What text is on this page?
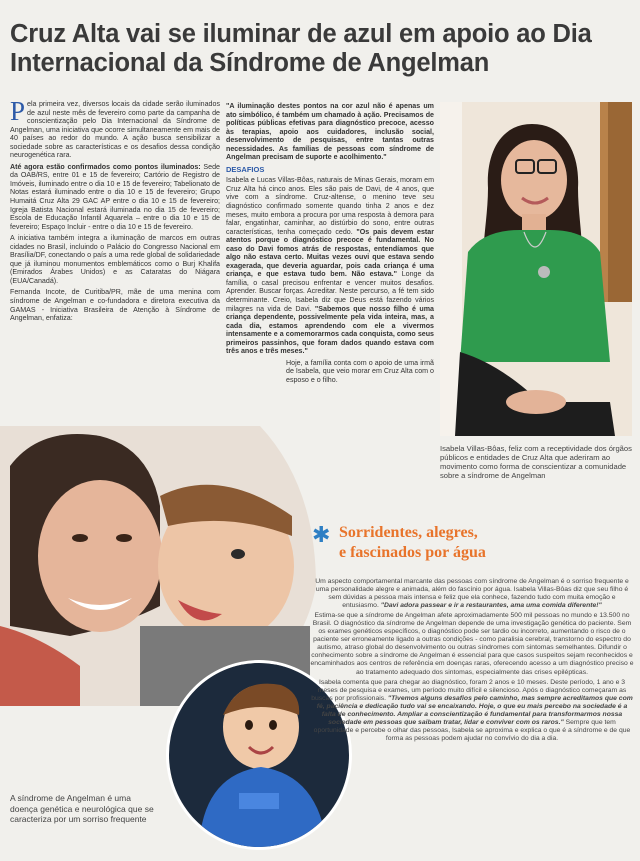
Cruz Alta vai se iluminar de azul em apoio ao Dia Internacional da Síndrome de Angelman

Pela primeira vez, diversos locais da cidade serão iluminados de azul neste mês de fevereiro como parte da campanha de conscientização pelo Dia Internacional da Síndrome de Angelman, uma iniciativa que ocorre simultaneamente em mais de 40 países ao redor do mundo. A ação busca sensibilizar a sociedade sobre as características e os desafios dessa condição neurogenética rara.

Até agora estão confirmados como pontos iluminados: Sede da OAB/RS, entre 01 e 15 de fevereiro; Cartório de Registro de Imóveis, iluminado entre o dia 10 e 15 de fevereiro; Tabelionato de Notas estará iluminado entre o dia 10 e 15 de fevereiro; Grupo Humaitá Cruz Alta 29 GAC AP entre o dia 10 e 15 de fevereiro; Igreja Batista Nacional estará iluminada no dia 15 de fevereiro; Escola de Educação Infantil Aquarela – entre o dia 10 e 15 de fevereiro; Espaço Incluir - entre o dia 10 e 15 de fevereiro.

A iniciativa também integra a iluminação de marcos em outras cidades no Brasil, incluindo o Palácio do Congresso Nacional em Brasília/DF, conectando o país a uma rede global de solidariedade que já iluminou monumentos emblemáticos como o Burj Khalifa (Emirados Árabes Unidos) e as Cataratas do Niágara (EUA/Canadá).

Fernanda Incote, de Curitiba/PR, mãe de uma menina com síndrome de Angelman e co-fundadora e diretora executiva da GAMAS - Iniciativa Brasileira de Atenção à Síndrome de Angelman, enfatiza:

"A iluminação destes pontos na cor azul não é apenas um ato simbólico, é também um chamado à ação. Precisamos de políticas públicas efetivas para diagnóstico precoce, acesso às terapias, apoio aos cuidadores, inclusão social, desenvolvimento de pesquisas, entre tantas outras necessidades. As famílias de pessoas com síndrome de Angelman precisam de suporte e acolhimento."

DESAFIOS

Isabela e Lucas Villas-Bôas, naturais de Minas Gerais, moram em Cruz Alta há cinco anos. Eles são pais de Davi, de 4 anos, que vive com a síndrome. Cruz-altense, o menino teve seu diagnóstico confirmado somente quando tinha 2 anos e dez meses, muito embora a procura por uma resposta à demora para falar, engatinhar, caminhar, ao distúrbio do sono, entre outras características, tenha começado cedo. "Os pais devem estar atentos porque o diagnóstico precoce é fundamental. No caso do Davi fomos atrás de respostas, entendíamos que algo não estava certo. Muitas vezes ouvi que estava sendo exagerada, que deveria aguardar, pois cada criança é uma criança, e que estava tudo bem. Não estava." Longe da família, o casal precisou enfrentar e vencer muitos desafios. Aprender. Buscar forças. Acreditar. Neste percurso, a fé tem sido determinante. Creio, Isabela diz que Deus está fazendo vários milagres na vida de Davi. "Sabemos que nosso filho é uma criança dependente, possivelmente pela vida inteira, mas, a cada dia, estamos aprendendo com ele a vivermos intensamente e a comemorarmos cada conquista, como seus primeiros passinhos, que foram dados quando estava com três anos e três meses."

Hoje, a família conta com o apoio de uma irmã de Isabela, que veio morar em Cruz Alta com o esposo e o filho.

Isabela Villas-Bôas, feliz com a receptividade dos órgãos públicos e entidades de Cruz Alta que aderiram ao movimento como forma de conscientizar a comunidade sobre a síndrome de Angelman
A síndrome de Angelman é uma doença genética e neurológica que se caracteriza por um sorriso frequente
✱ Sorridentes, alegres,
e fascinados por água

Um aspecto comportamental marcante das pessoas com síndrome de Angelman é o sorriso frequente e uma personalidade alegre e animada, além do fascínio por água. Isabela Villas-Bôas diz que seu filho é sem dúvidas a pessoa mais intensa e feliz que ela conhece, fazendo tudo com muita emoção e entusiasmo. "Davi adora passear e ir a restaurantes, ama uma comida diferente!"

Estima-se que a síndrome de Angelman afete aproximadamente 500 mil pessoas no mundo e 13.500 no Brasil. O diagnóstico da síndrome de Angelman depende de uma investigação genética do paciente. Sem os exames genéticos específicos, o diagnóstico pode ser tardio ou incorreto, aumentando o risco de o paciente ser erroneamente ligado a outras condições - como paralisia cerebral, transtorno do espectro do autismo, atraso global do desenvolvimento ou outras síndromes com sintomas semelhantes. Difundir o conhecimento sobre a síndrome de Angelman é essencial para que casos suspeitos sejam reconhecidos e encaminhados aos centros de referência em doenças raras, oferecendo acesso a um diagnóstico preciso e ao tratamento adequado dos sintomas, especialmente das crises epilépticas.

Isabela comenta que para chegar ao diagnóstico, foram 2 anos e 10 meses. Deste período, 1 ano e 3 meses de pesquisa e exames, um período muito difícil e silencioso. Após o diagnóstico começaram as buscas por profissionais. "Tivemos alguns desafios pelo caminho, mas sempre acreditamos que com fé, paciência e dedicação tudo vai se encaixando. Hoje, o que eu mais percebo na sociedade é a falta de conhecimento. Ampliar a conscientização é fundamental para transformarmos nossa sociedade em pessoas que saibam tratar, lidar e conviver com os raros." Sempre que tem oportunidade e percebe o olhar das pessoas, Isabela se aproxima e explica o que é a síndrome e de que forma as pessoas podem ajudar no convívio do dia a dia.
